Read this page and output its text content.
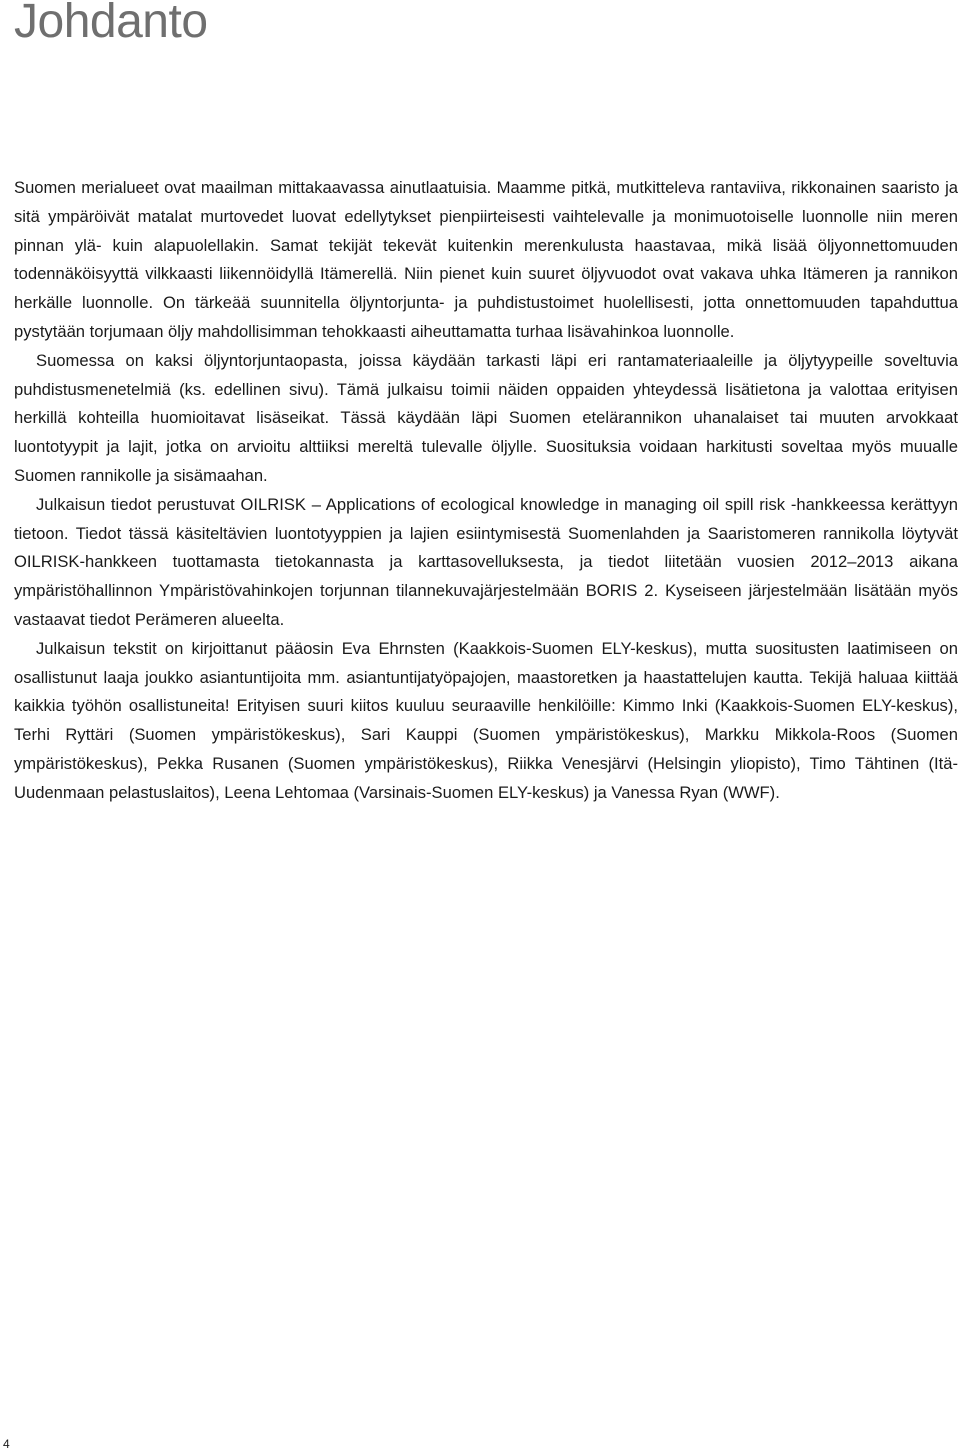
Johdanto

Suomen merialueet ovat maailman mittakaavassa ainutlaatuisia. Maamme pitkä, mutkitteleva rantaviiva, rikkonainen saaristo ja sitä ympäröivät matalat murtovedet luovat edellytykset pienpiirteisesti vaihtelevalle ja monimuotoiselle luonnolle niin meren pinnan ylä- kuin alapuolellakin. Samat tekijät tekevät kuitenkin merenkulusta haastavaa, mikä lisää öljyonnettomuuden todennäköisyyttä vilkkaasti liikennöidyllä Itämerellä. Niin pienet kuin suuret öljyvuodot ovat vakava uhka Itämeren ja rannikon herkälle luonnolle. On tärkeää suunnitella öljyntorjunta- ja puhdistustoimet huolellisesti, jotta onnettomuuden tapahduttua pystytään torjumaan öljy mahdollisimman tehokkaasti aiheuttamatta turhaa lisävahinkoa luonnolle.

Suomessa on kaksi öljyntorjuntaopasta, joissa käydään tarkasti läpi eri rantamateriaaleille ja öljytyypeille soveltuvia puhdistusmenetelmiä (ks. edellinen sivu). Tämä julkaisu toimii näiden oppaiden yhteydessä lisätietona ja valottaa erityisen herkillä kohteilla huomioitavat lisäseikat. Tässä käydään läpi Suomen etelärannikon uhanalaiset tai muuten arvokkaat luontotyypit ja lajit, jotka on arvioitu alttiiksi mereltä tulevalle öljylle. Suosituksia voidaan harkitusti soveltaa myös muualle Suomen rannikolle ja sisämaahan.

Julkaisun tiedot perustuvat OILRISK – Applications of ecological knowledge in managing oil spill risk -hankkeessa kerättyyn tietoon. Tiedot tässä käsiteltävien luontotyyppien ja lajien esiintymisestä Suomenlahden ja Saaristomeren rannikolla löytyvät OILRISK-hankkeen tuottamasta tietokannasta ja karttasovelluksesta, ja tiedot liitetään vuosien 2012–2013 aikana ympäristöhallinnon Ympäristövahinkojen torjunnan tilannekuvajärjestelmään BORIS 2. Kyseiseen järjestelmään lisätään myös vastaavat tiedot Perämeren alueelta.

Julkaisun tekstit on kirjoittanut pääosin Eva Ehrnsten (Kaakkois-Suomen ELY-keskus), mutta suositusten laatimiseen on osallistunut laaja joukko asiantuntijoita mm. asiantuntijatyöpajojen, maastoretken ja haastattelujen kautta. Tekijä haluaa kiittää kaikkia työhön osallistuneita! Erityisen suuri kiitos kuuluu seuraaville henkilöille: Kimmo Inki (Kaakkois-Suomen ELY-keskus), Terhi Ryttäri (Suomen ympäristökeskus), Sari Kauppi (Suomen ympäristökeskus), Markku Mikkola-Roos (Suomen ympäristökeskus), Pekka Rusanen (Suomen ympäristökeskus), Riikka Venesjärvi (Helsingin yliopisto), Timo Tähtinen (Itä-Uudenmaan pelastuslaitos), Leena Lehtomaa (Varsinais-Suomen ELY-keskus) ja Vanessa Ryan (WWF).

4
